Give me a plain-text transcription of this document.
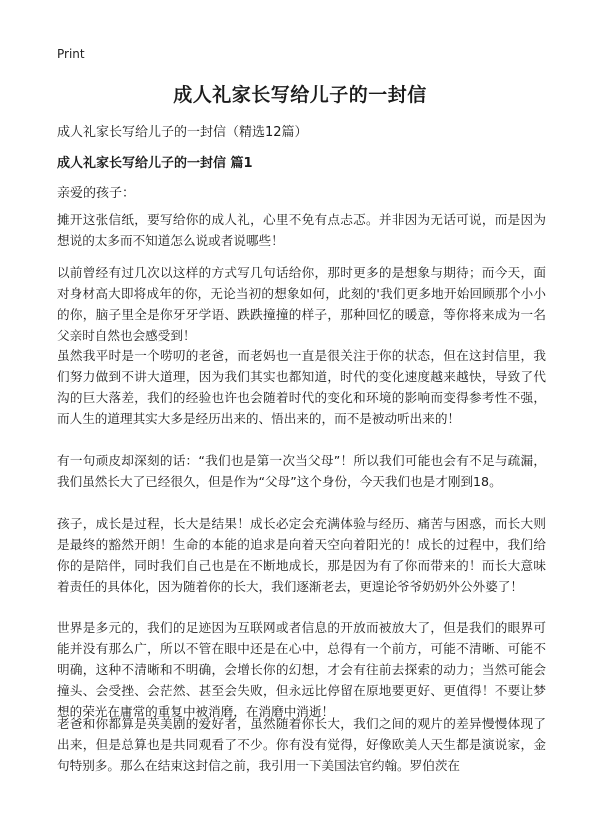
Print
成人礼家长写给儿子的一封信

成人礼家长写给儿子的一封信（精选12篇）

成人礼家长写给儿子的一封信 篇1

亲爱的孩子：

摊开这张信纸，要写给你的成人礼，心里不免有点忐忑。并非因为无话可说，而是因为想说的太多而不知道怎么说或者说哪些！

以前曾经有过几次以这样的方式写几句话给你，那时更多的是想象与期待；而今天，面对身材高大即将成年的你，无论当初的想象如何，此刻的'我们更多地开始回顾那个小小的你，脑子里全是你牙牙学语、跌跌撞撞的样子，那种回忆的暖意，等你将来成为一名父亲时自然也会感受到！

虽然我平时是一个唠叨的老爸，而老妈也一直是很关注于你的状态，但在这封信里，我们努力做到不讲大道理，因为我们其实也都知道，时代的变化速度越来越快，导致了代沟的巨大落差，我们的经验也许也会随着时代的变化和环境的影响而变得参考性不强，而人生的道理其实大多是经历出来的、悟出来的，而不是被动听出来的！

有一句顽皮却深刻的话：“我们也是第一次当父母”！所以我们可能也会有不足与疏漏，我们虽然长大了已经很久，但是作为“父母”这个身份，今天我们也是才刚到18。

孩子，成长是过程，长大是结果！成长必定会充满体验与经历、痛苦与困惑，而长大则是最终的豁然开朗！生命的本能的追求是向着天空向着阳光的！成长的过程中，我们给你的是陪伴，同时我们自己也是在不断地成长，那是因为有了你而带来的！而长大意味着责任的具体化，因为随着你的长大，我们逐渐老去，更遑论爷爷奶奶外公外婆了！

世界是多元的，我们的足迹因为互联网或者信息的开放而被放大了，但是我们的眼界可能并没有那么广，所以不管在眼中还是在心中，总得有一个前方，可能不清晰、可能不明确，这种不清晰和不明确，会增长你的幻想，才会有往前去探索的动力；当然可能会撞头、会受挫、会茫然、甚至会失败，但永远比停留在原地要更好、更值得！不要让梦想的荣光在庸常的重复中被消磨，在消磨中消逝！

老爸和你都算是英美剧的爱好者，虽然随着你长大，我们之间的观片的差异慢慢体现了出来，但是总算也是共同观看了不少。你有没有觉得，好像欧美人天生都是演说家，金句特别多。那么在结束这封信之前，我引用一下美国法官约翰。罗伯茨在
